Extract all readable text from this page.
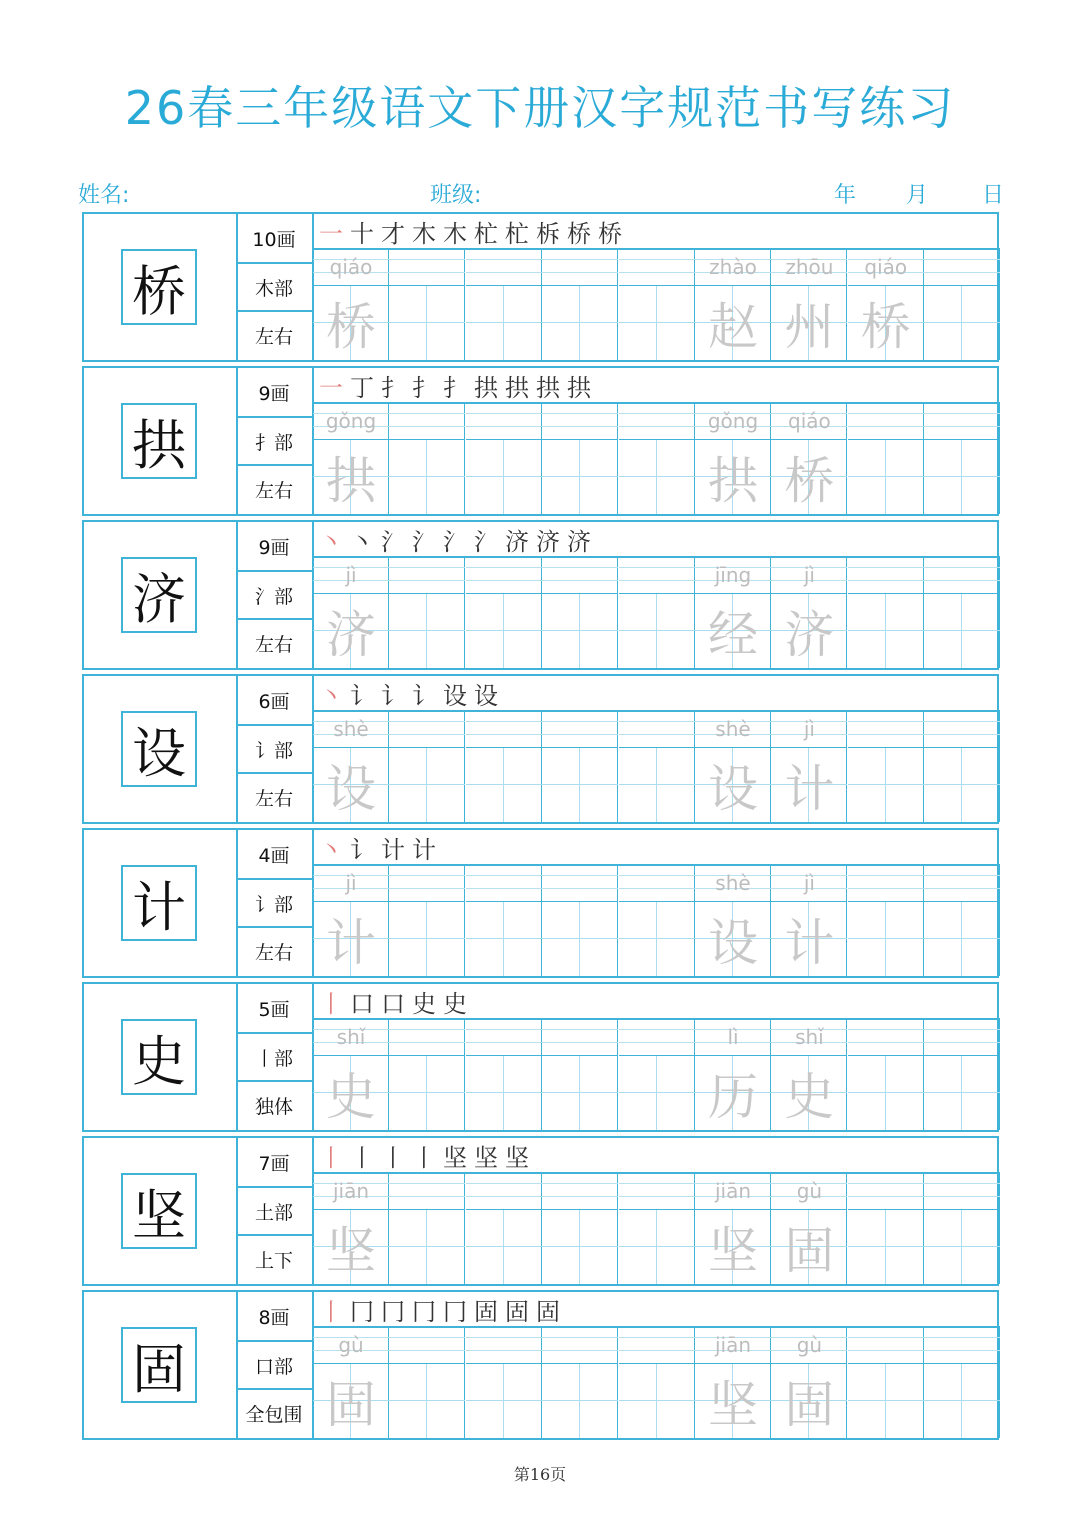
26春三年级语文下册汉字规范书写练习
姓名:	班级:	年 月 日
桥
10画
木部
左右
一 十 才 木 木 杧 杧 柝 桥 桥
qiáo
桥
zhào
赵
zhōu
州
qiáo
桥
拱
9画
扌部
左右
一 丁 扌 扌 扌 拱 拱 拱 拱
gǒng
拱
gǒng
拱
qiáo
桥
济
9画
氵部
左右
丶 丶 氵 氵 氵 氵 济 济 济
jì
济
jīng
经
jì
济
设
6画
讠部
左右
丶 讠 讠 讠 设 设
shè
设
shè
设
jì
计
计
4画
讠部
左右
丶 讠 计 计
jì
计
shè
设
jì
计
史
5画
丨部
独体
丨 口 口 史 史
shǐ
史
lì
历
shǐ
史
坚
7画
土部
上下
丨 丨 丨 丨 坚 坚 坚
jiān
坚
jiān
坚
gù
固
固
8画
口部
全包围
丨 冂 冂 冂 冂 固 固 固
gù
固
jiān
坚
gù
固
第16页
